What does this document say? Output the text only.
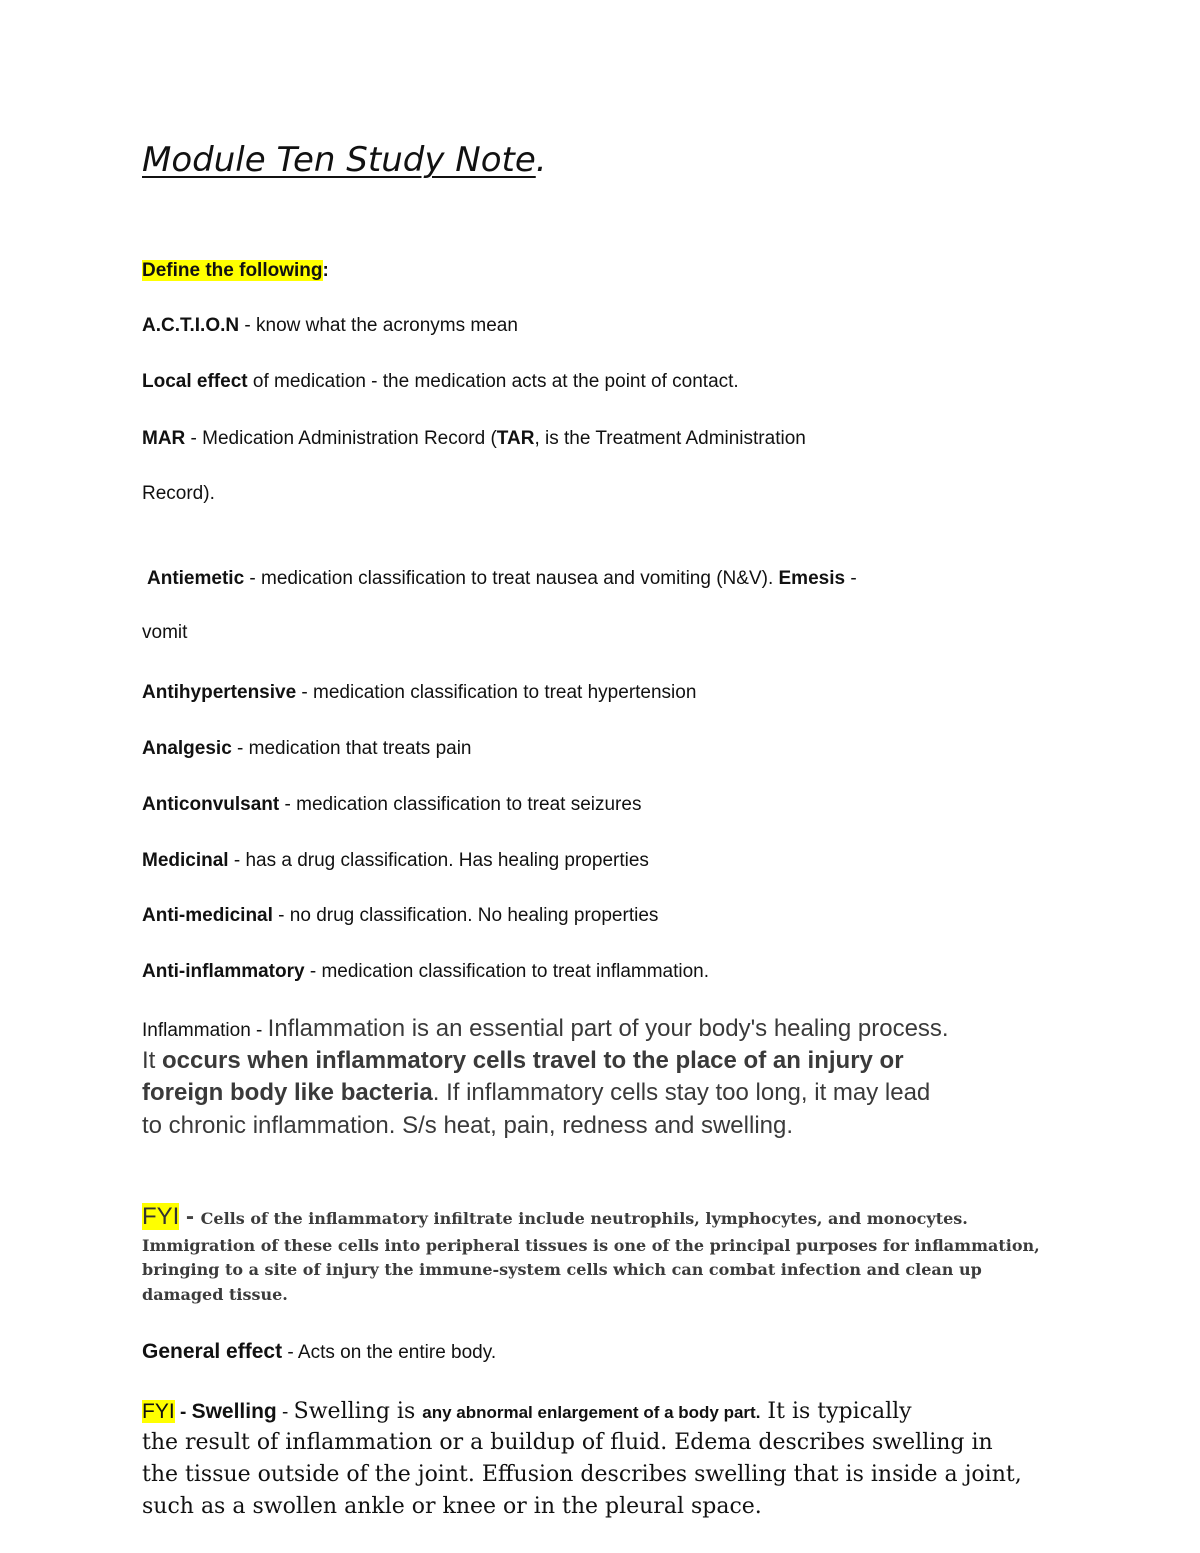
Module Ten Study Note.
Define the following:
A.C.T.I.O.N - know what the acronyms mean
Local effect of medication - the medication acts at the point of contact.
MAR - Medication Administration Record (TAR, is the Treatment Administration
Record).
Antiemetic - medication classification to treat nausea and vomiting (N&V). Emesis -
vomit
Antihypertensive - medication classification to treat hypertension
Analgesic - medication that treats pain
Anticonvulsant - medication classification to treat seizures
Medicinal - has a drug classification. Has healing properties
Anti-medicinal - no drug classification. No healing properties
Anti-inflammatory - medication classification to treat inflammation.
Inflammation - Inflammation is an essential part of your body's healing process.
It occurs when inflammatory cells travel to the place of an injury or
foreign body like bacteria. If inflammatory cells stay too long, it may lead
to chronic inflammation. S/s heat, pain, redness and swelling.
FYI - Cells of the inflammatory infiltrate include neutrophils, lymphocytes, and monocytes.
Immigration of these cells into peripheral tissues is one of the principal purposes for inflammation,
bringing to a site of injury the immune-system cells which can combat infection and clean up
damaged tissue.
General effect - Acts on the entire body.
FYI - Swelling - Swelling is any abnormal enlargement of a body part. It is typically
the result of inflammation or a buildup of fluid. Edema describes swelling in
the tissue outside of the joint. Effusion describes swelling that is inside a joint,
such as a swollen ankle or knee or in the pleural space.
